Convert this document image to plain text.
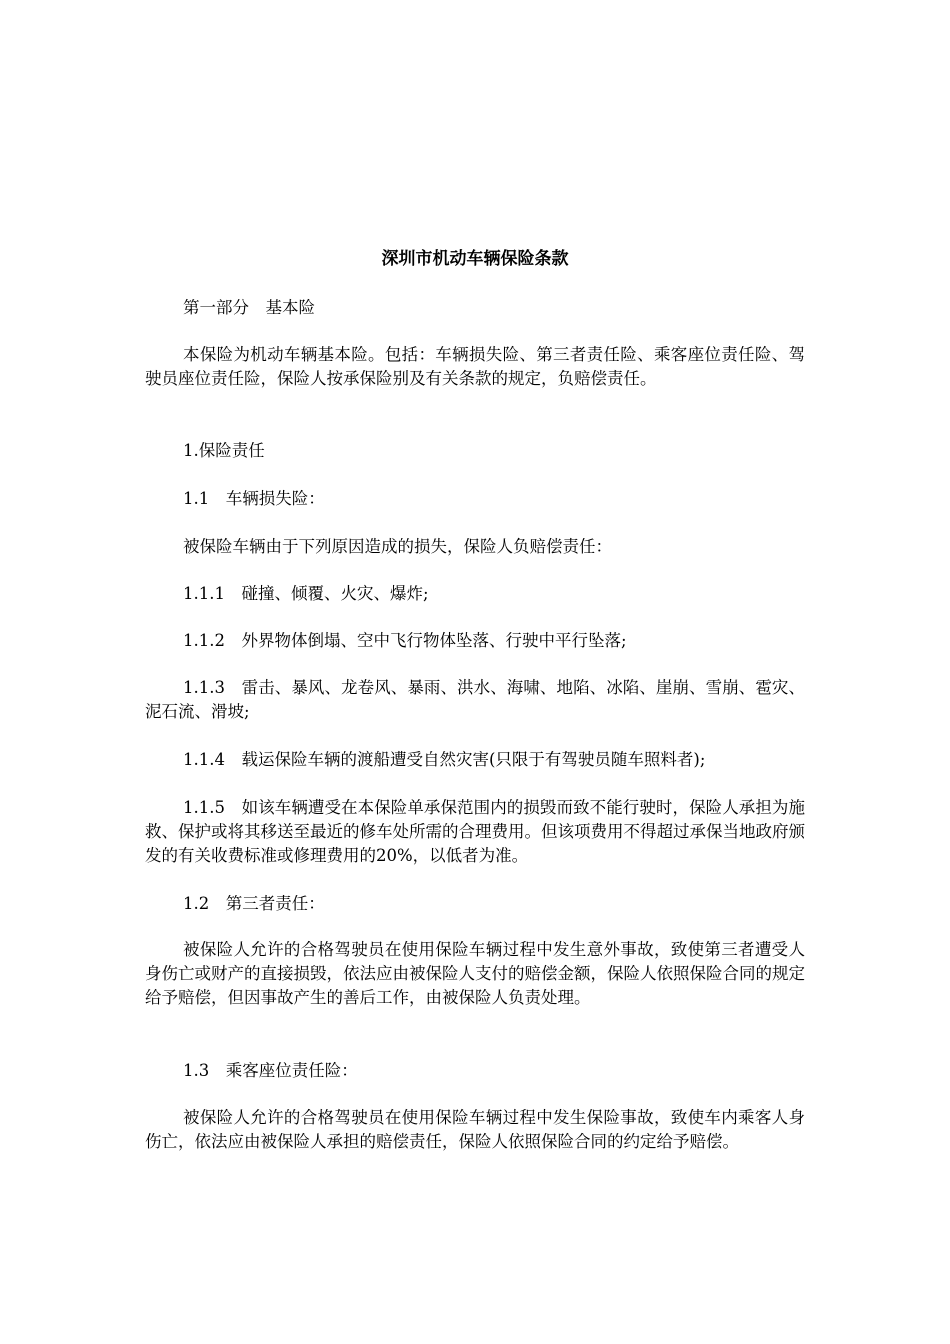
深圳市机动车辆保险条款

第一部分　基本险

本保险为机动车辆基本险。包括：车辆损失险、第三者责任险、乘客座位责任险、驾驶员座位责任险，保险人按承保险别及有关条款的规定，负赔偿责任。

1.保险责任

1.1　车辆损失险：

被保险车辆由于下列原因造成的损失，保险人负赔偿责任：

1.1.1　碰撞、倾覆、火灾、爆炸;

1.1.2　外界物体倒塌、空中飞行物体坠落、行驶中平行坠落;

1.1.3　雷击、暴风、龙卷风、暴雨、洪水、海啸、地陷、冰陷、崖崩、雪崩、雹灾、泥石流、滑坡;

1.1.4　载运保险车辆的渡船遭受自然灾害(只限于有驾驶员随车照料者);

1.1.5　如该车辆遭受在本保险单承保范围内的损毁而致不能行驶时，保险人承担为施救、保护或将其移送至最近的修车处所需的合理费用。但该项费用不得超过承保当地政府颁发的有关收费标准或修理费用的20%，以低者为准。

1.2　第三者责任：

被保险人允许的合格驾驶员在使用保险车辆过程中发生意外事故，致使第三者遭受人身伤亡或财产的直接损毁，依法应由被保险人支付的赔偿金额，保险人依照保险合同的规定给予赔偿，但因事故产生的善后工作，由被保险人负责处理。

1.3　乘客座位责任险：

被保险人允许的合格驾驶员在使用保险车辆过程中发生保险事故，致使车内乘客人身伤亡，依法应由被保险人承担的赔偿责任，保险人依照保险合同的约定给予赔偿。
